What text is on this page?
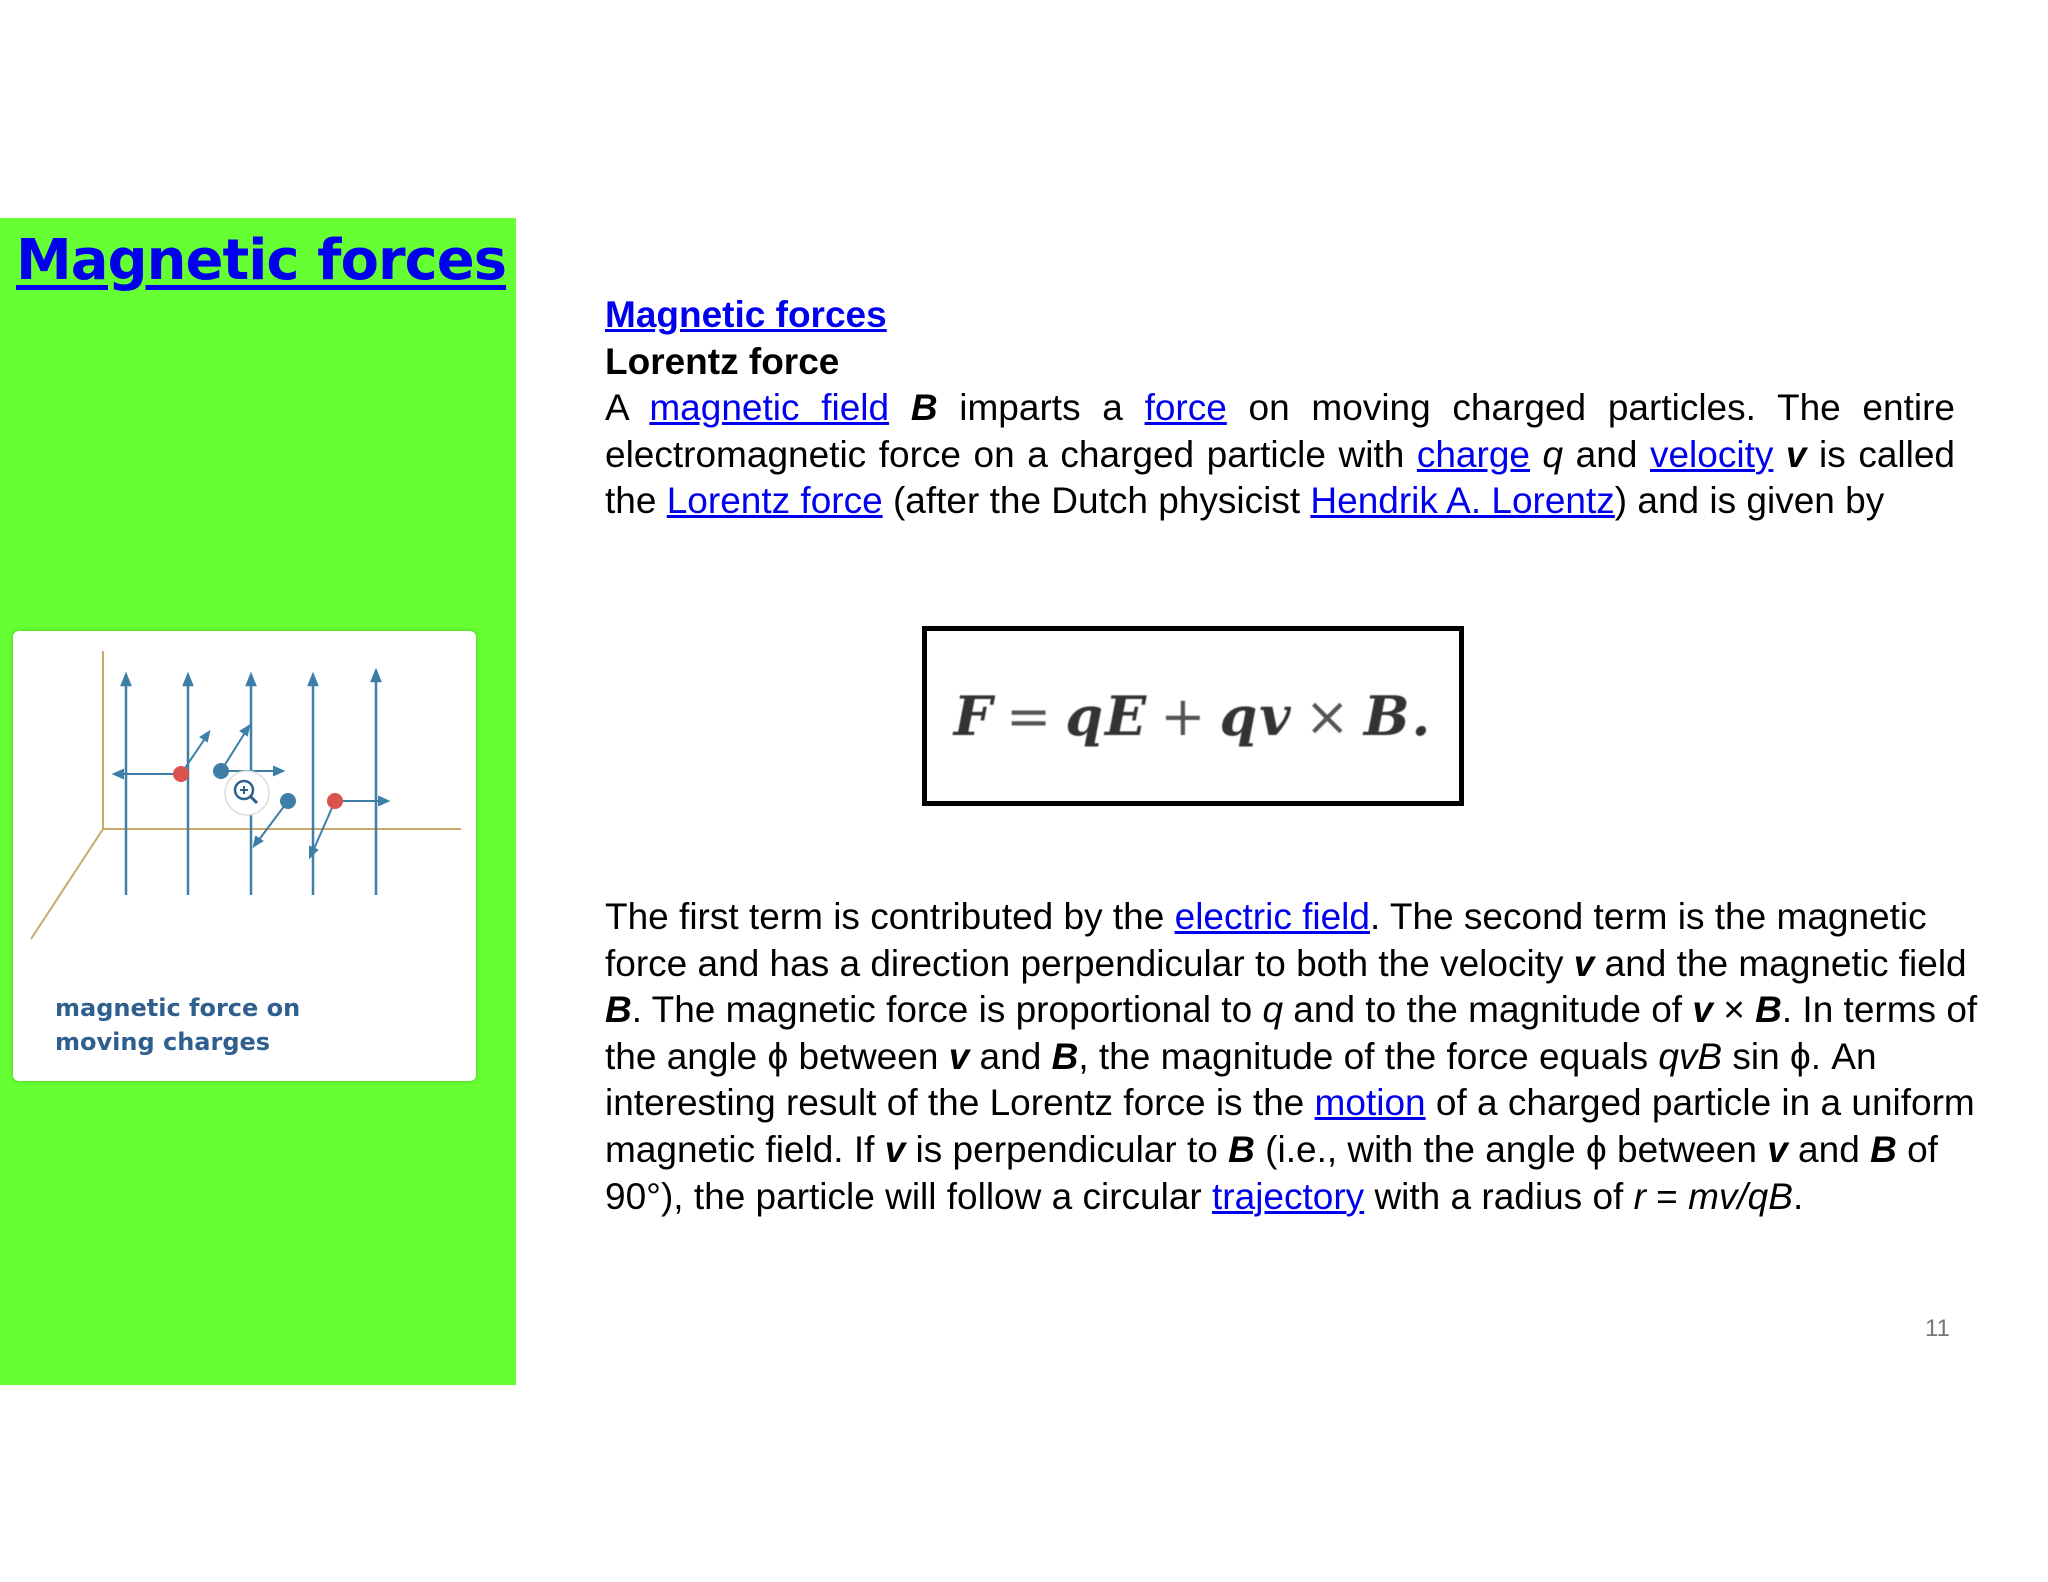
Magnetic forces
magnetic force on moving charges
Magnetic forces
Lorentz force
A magnetic field B imparts a force on moving charged particles. The entire electromagnetic force on a charged particle with charge q and velocity v is called the Lorentz force (after the Dutch physicist Hendrik A. Lorentz) and is given by
F = qE + qv × B.
The first term is contributed by the electric field. The second term is the magnetic force and has a direction perpendicular to both the velocity v and the magnetic field B. The magnetic force is proportional to q and to the magnitude of v × B. In terms of the angle ϕ between v and B, the magnitude of the force equals qvB sin ϕ. An interesting result of the Lorentz force is the motion of a charged particle in a uniform magnetic field. If v is perpendicular to B (i.e., with the angle ϕ between v and B of 90°), the particle will follow a circular trajectory with a radius of r = mv/qB.
11
